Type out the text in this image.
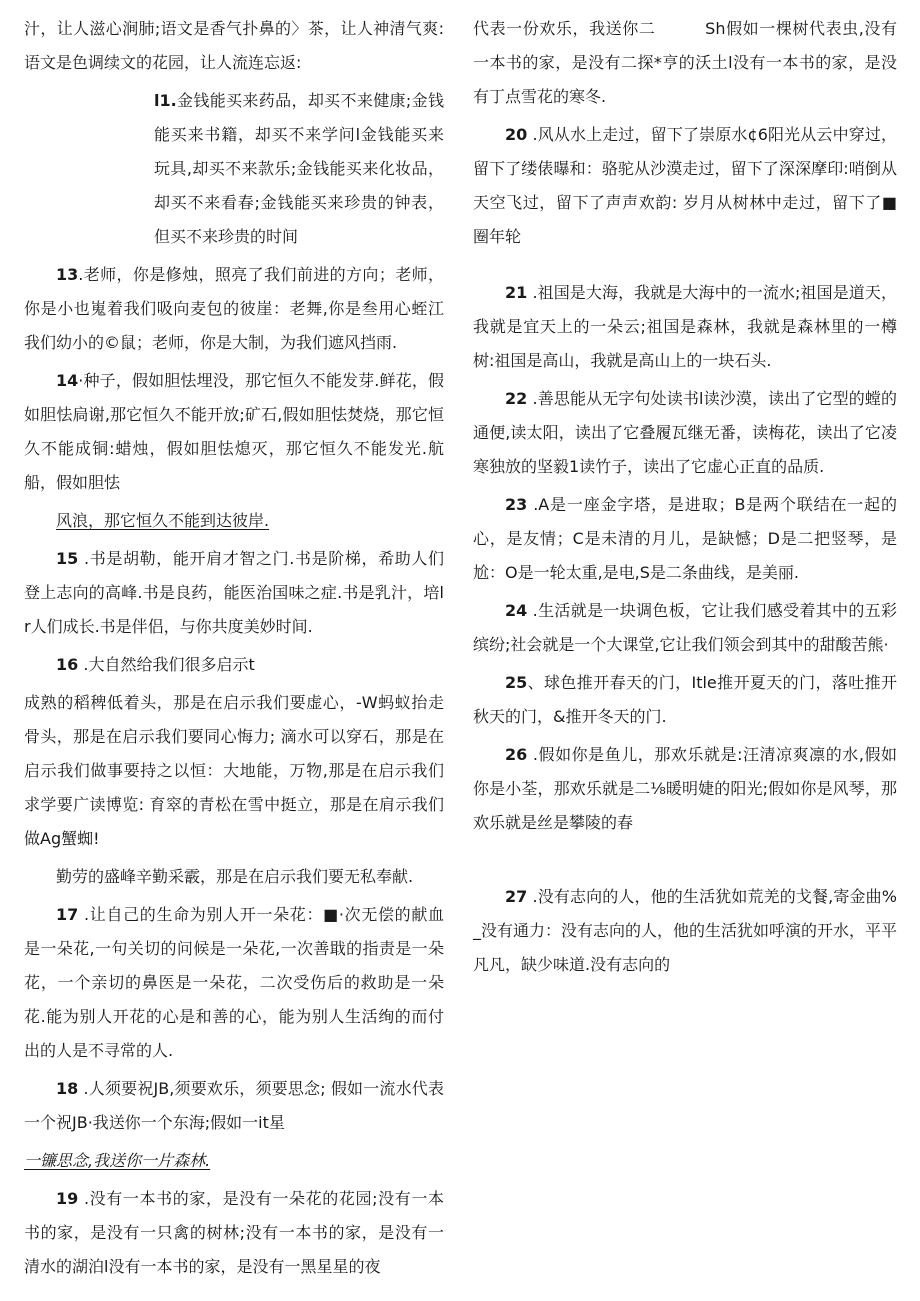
汁，让人滋心涧肺;语文是香气扑鼻的〉茶，让人神清气爽:语文是色调续文的花园，让人流连忘返:

l1.金钱能买来药品，却买不来健康;金钱能买来书籍，却买不来学问l金钱能买来玩具,却买不来款乐;金钱能买来化妆品，却买不来看春;金钱能买来珍贵的钟表，但买不来珍贵的时间

13.老师，你是修烛，照亮了我们前进的方向；老师，你是小也嵬着我们吸向麦包的彼崖：老舞,你是叁用心蛭江我们幼小的©鼠；老师，你是大制，为我们遮风挡雨.

14·种子，假如胆怯埋没，那它恒久不能发芽.鲜花，假如胆怯扃谢,那它恒久不能开放;矿石,假如胆怯焚烧，那它恒久不能成铜:蜡烛，假如胆怯熄灭，那它恒久不能发光.航船，假如胆怯

风浪，那它恒久不能到达彼岸.

15 .书是胡勒，能开肩才智之门.书是阶梯，希助人们登上志向的高峰.书是良药，能医治国味之症.书是乳汁，培lr人们成长.书是伴侣，与你共度美妙时间.

16 .大自然给我们很多启示t

成熟的稻稗低着头，那是在启示我们要虚心，-W蚂蚁抬走骨头，那是在启示我们要同心悔力; 滴水可以穿石，那是在启示我们做事要持之以恒：大地能，万物,那是在启示我们求学要广读博览: 育窣的青松在雪中挺立，那是在肩示我们做Ag蟹蜘!

勤劳的盛峰辛勤采霰，那是在启示我们要无私奉献.

17 .让自己的生命为别人开一朵花：■·次无偿的献血是一朵花,一句关切的问候是一朵花,一次善戢的指责是一朵花，一个亲切的鼻医是一朵花，二次受伤后的救助是一朵花.能为别人开花的心是和善的心，能为别人生活绚的而付出的人是不寻常的人.

18 .人须要祝JB,须要欢乐，须要思念; 假如一流水代表一个祝JB·我送你一个东海;假如一it星

一镰思念,我送你一片森林.

19 .没有一本书的家，是没有一朵花的花园;没有一本书的家，是没有一只禽的树林;没有一本书的家，是没有一清水的湖泊l没有一本书的家，是没有一黑星星的夜

代表一份欢乐，我送你二　　　Sh假如一棵树代表虫,没有一本书的家，是没有二探*亨的沃土l没有一本书的家，是没有丁点雪花的寒冬.

20 .风从水上走过，留下了崇原水¢6阳光从云中穿过，留下了缕俵曝和：骆驼从沙漠走过，留下了深深摩印:哨倒从天空飞过，留下了声声欢韵: 岁月从树林中走过，留下了■圈年轮

21 .祖国是大海，我就是大海中的一流水;祖国是道天，我就是宜天上的一朵云;祖国是森林，我就是森林里的一樽树:祖国是高山，我就是高山上的一块石头.

22 .善思能从无字句处读书l读沙漠，读出了它型的螳的通便,读太阳，读出了它叠履瓦继无番，读梅花，读出了它凌寒独放的坚毅1读竹子，读出了它虚心正直的品质.

23 .A是一座金字塔，是进取；B是两个联结在一起的心，是友情；C是未清的月儿，是缺憾；D是二把竖琴，是尬：O是一轮太重,是电,S是二条曲线，是美丽.

24 .生活就是一块调色板，它让我们感受着其中的五彩缤纷;社会就是一个大课堂,它让我们领会到其中的甜酸苦熊·

25、球色推开春天的门，Itle推开夏天的门，落吐推开秋天的门，&推开冬天的门.

26 .假如你是鱼儿，那欢乐就是:汪清凉爽凛的水,假如你是小荃，那欢乐就是二⅛暖明婕的阳光;假如你是风琴，那欢乐就是丝是攀陵的春

27 .没有志向的人，他的生活犹如荒羌的戈餐,寄金曲%_没有通力：没有志向的人，他的生活犹如呼演的开水，平平凡凡，缺少味道.没有志向的
